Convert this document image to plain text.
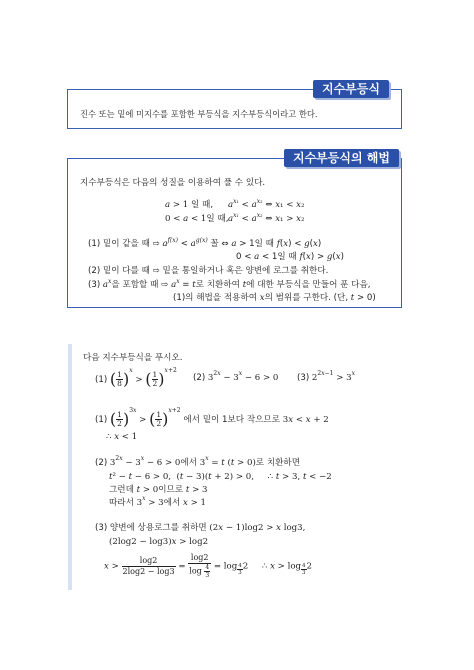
지수부등식
진수 또는 밑에 미지수를 포함한 부등식을 지수부등식이라고 한다.
지수부등식의 해법
지수부등식은 다음의 성질을 이용하여 풀 수 있다.
a > 1 일 때, $a^{x_1} < a^{x_2}$ ⇔ x₁ < x₂
0 < a < 1일 때, $a^{x_1} < a^{x_2}$ ⇔ x₁ > x₂
(1) 밑이 같을 때 ⇨ $a^{f(x)} < a^{g(x)}$ 꼴 ⇔ a > 1일 때 f(x) < g(x)
0 < a < 1일 때 f(x) > g(x)
(2) 밑이 다를 때 ⇨ 밑을 통일하거나 혹은 양변에 로그를 취한다.
(3) $a^x$을 포함할 때 ⇨ $a^x = t$로 치환하여 t에 대한 부등식을 만들어 푼 다음,
(1)의 해법을 적용하여 x의 범위를 구한다. (단, t > 0)
다음 지수부등식을 푸시오.
(1) ( $\frac{1}{8} )^x$ > ( $\frac{1}{2} )^{x+2}$
(2) $3^{2x} - 3^x - 6 > 0$ (3) $2^{2x-1} > 3^x$
(1) ( $\frac{1}{2} )^{3x}$ > ( $\frac{1}{2} )^{x+2}$ 에서 밑이 1보다 작으므로 3x < x + 2
∴ x < 1
(2) $3^{2x} - 3^x - 6 > 0$에서 $3^x = t$ (t > 0)로 치환하면
t² − t − 6 > 0,  (t − 3)(t + 2) > 0,     ∴ t > 3, t < −2
그런데 t > 0이므로 t > 3
따라서 $3^x > 3$에서 x > 1
(3) 양변에 상용로그를 취하면 (2x − 1)log2 > x log3,
(2log2 − log3)x > log2
$x > \frac{\log 2}{2\log 2 - \log 3} = \frac{\log 2}{\log \frac{4}{3}} = \log _{\frac{4}{3}}$ 2     ∴ x > log $_{\frac{4}{3}}$ 2
